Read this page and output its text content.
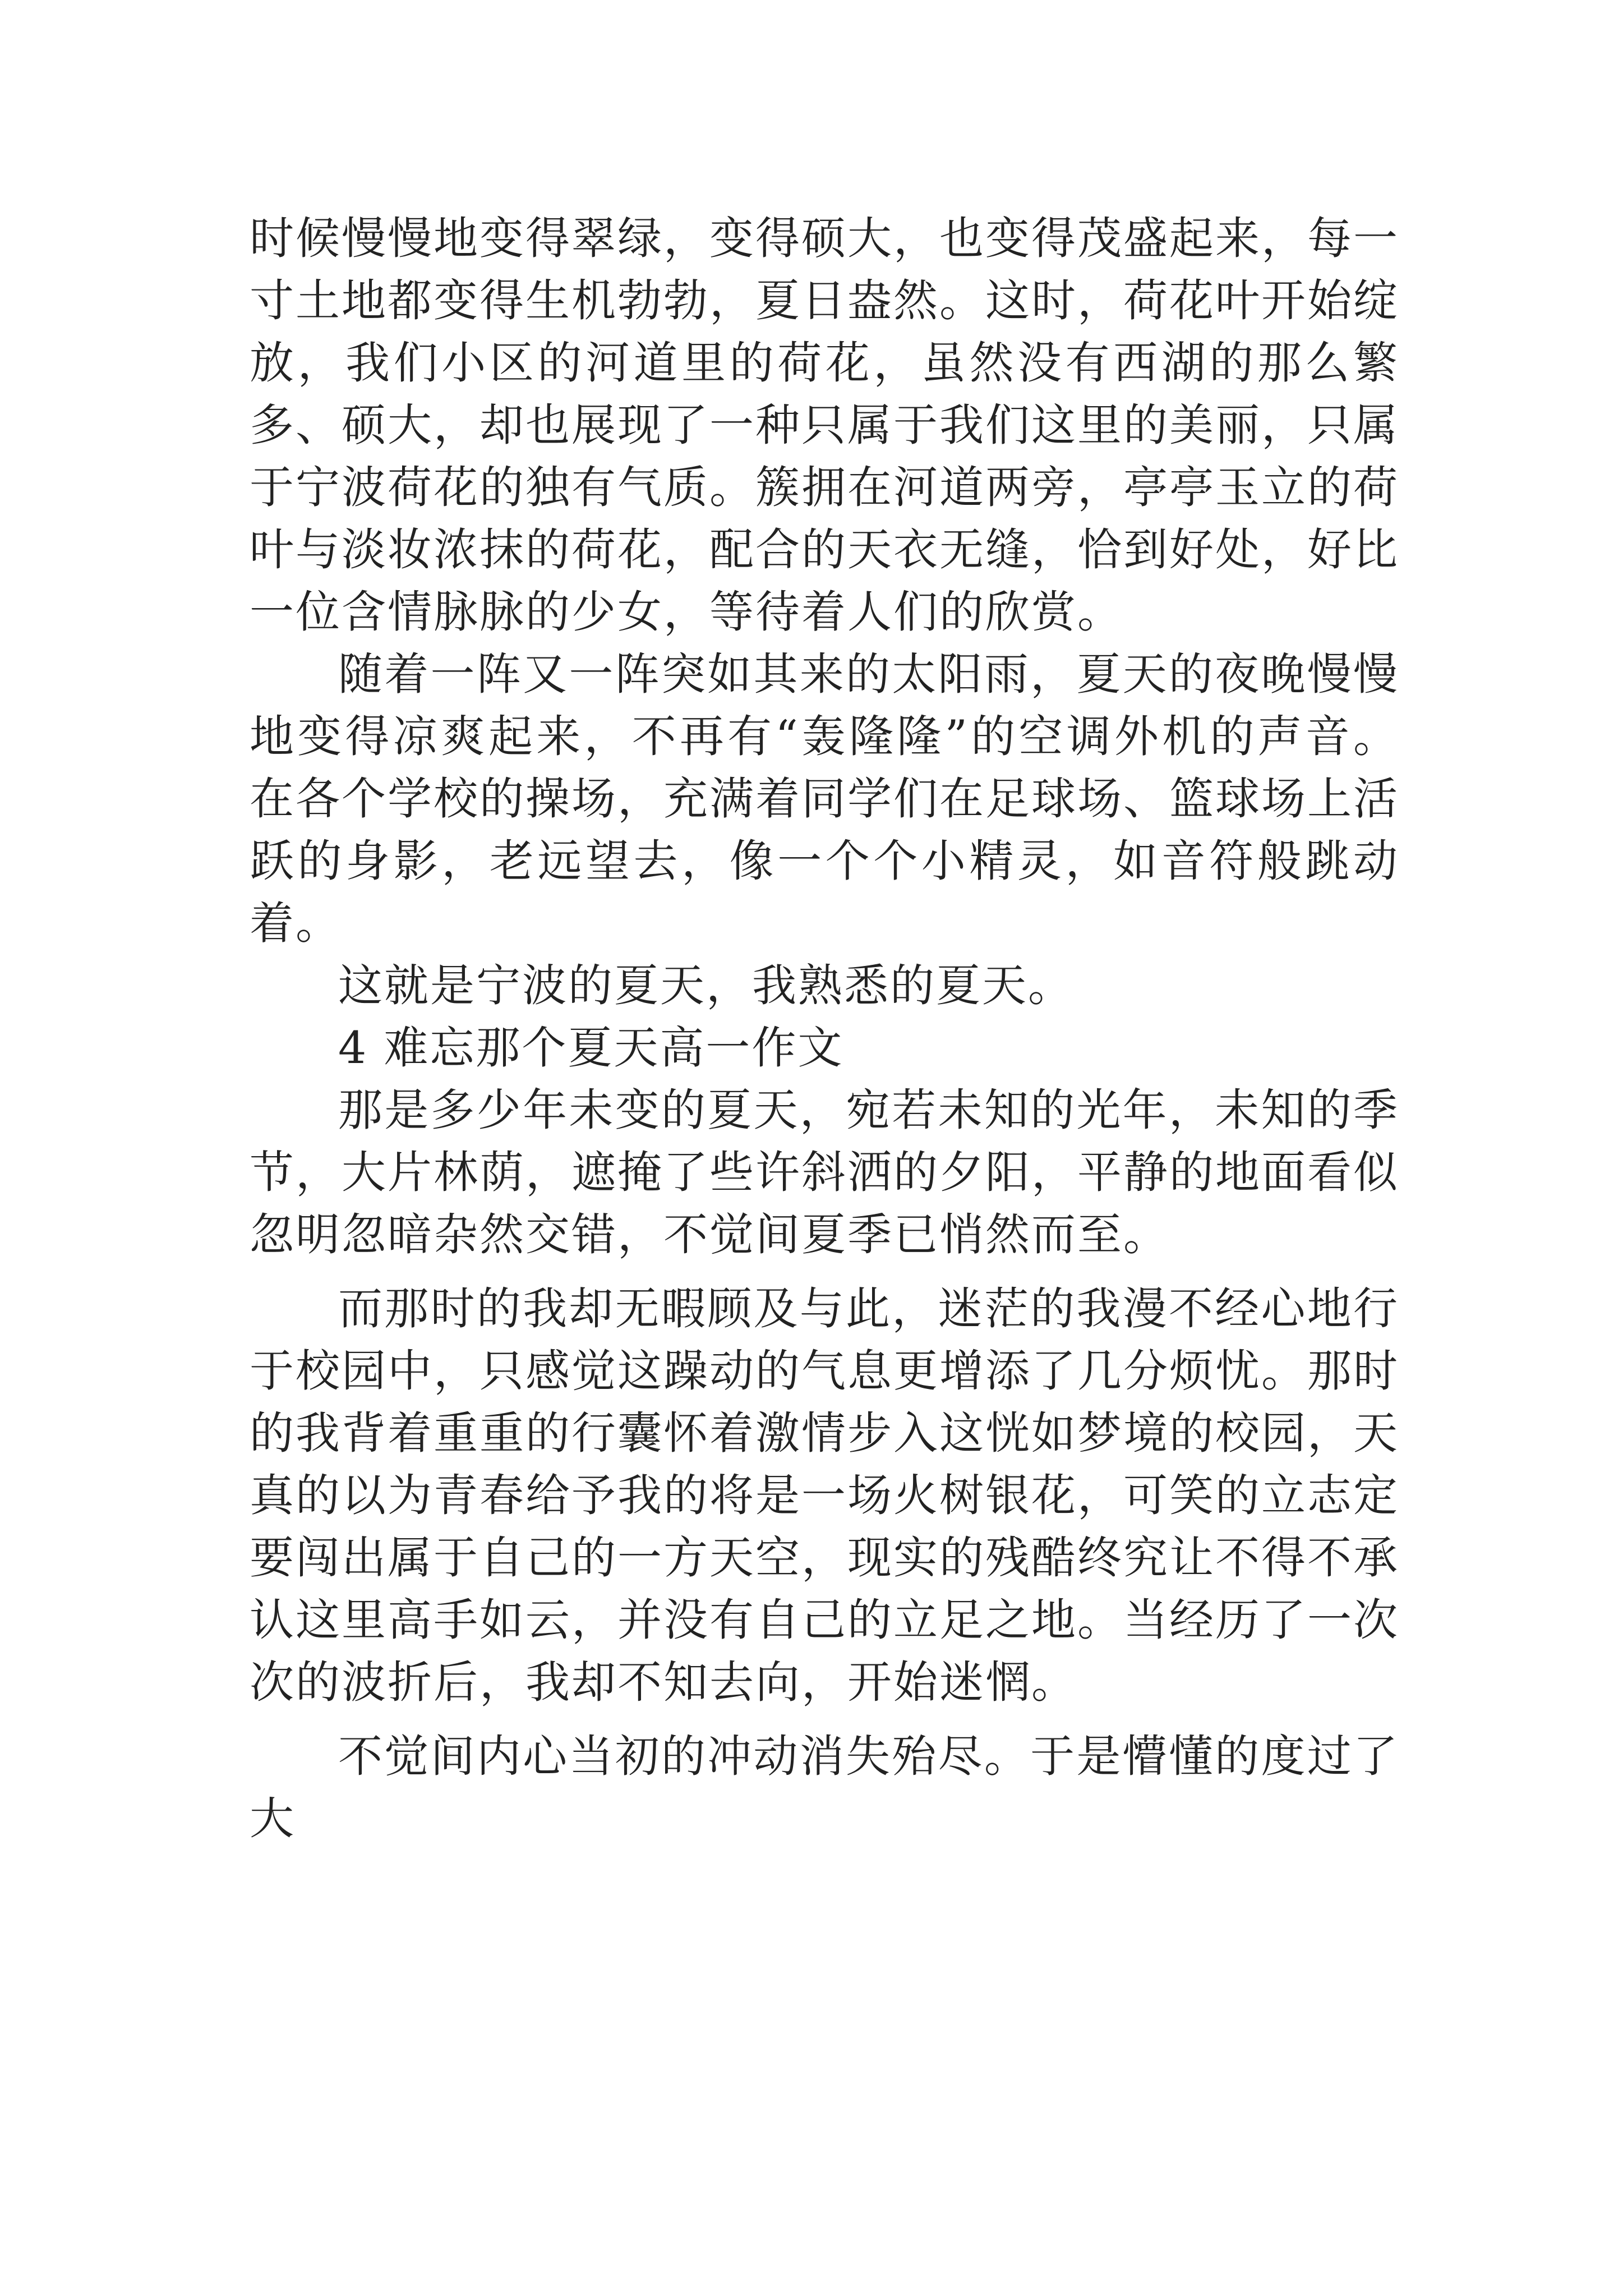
时候慢慢地变得翠绿，变得硕大，也变得茂盛起来，每一寸土地都变得生机勃勃，夏日盎然。这时，荷花叶开始绽放，我们小区的河道里的荷花，虽然没有西湖的那么繁多、硕大，却也展现了一种只属于我们这里的美丽，只属于宁波荷花的独有气质。簇拥在河道两旁，亭亭玉立的荷叶与淡妆浓抹的荷花，配合的天衣无缝，恰到好处，好比一位含情脉脉的少女，等待着人们的欣赏。

随着一阵又一阵突如其来的太阳雨，夏天的夜晚慢慢地变得凉爽起来，不再有“轰隆隆”的空调外机的声音。在各个学校的操场，充满着同学们在足球场、篮球场上活跃的身影，老远望去，像一个个小精灵，如音符般跳动着。

这就是宁波的夏天，我熟悉的夏天。

4 难忘那个夏天高一作文

那是多少年未变的夏天，宛若未知的光年，未知的季节，大片林荫，遮掩了些许斜洒的夕阳，平静的地面看似忽明忽暗杂然交错，不觉间夏季已悄然而至。

而那时的我却无暇顾及与此，迷茫的我漫不经心地行于校园中，只感觉这躁动的气息更增添了几分烦忧。那时的我背着重重的行囊怀着激情步入这恍如梦境的校园，天真的以为青春给予我的将是一场火树银花，可笑的立志定要闯出属于自己的一方天空，现实的残酷终究让不得不承认这里高手如云，并没有自己的立足之地。当经历了一次次的波折后，我却不知去向，开始迷惘。

不觉间内心当初的冲动消失殆尽。于是懵懂的度过了大
